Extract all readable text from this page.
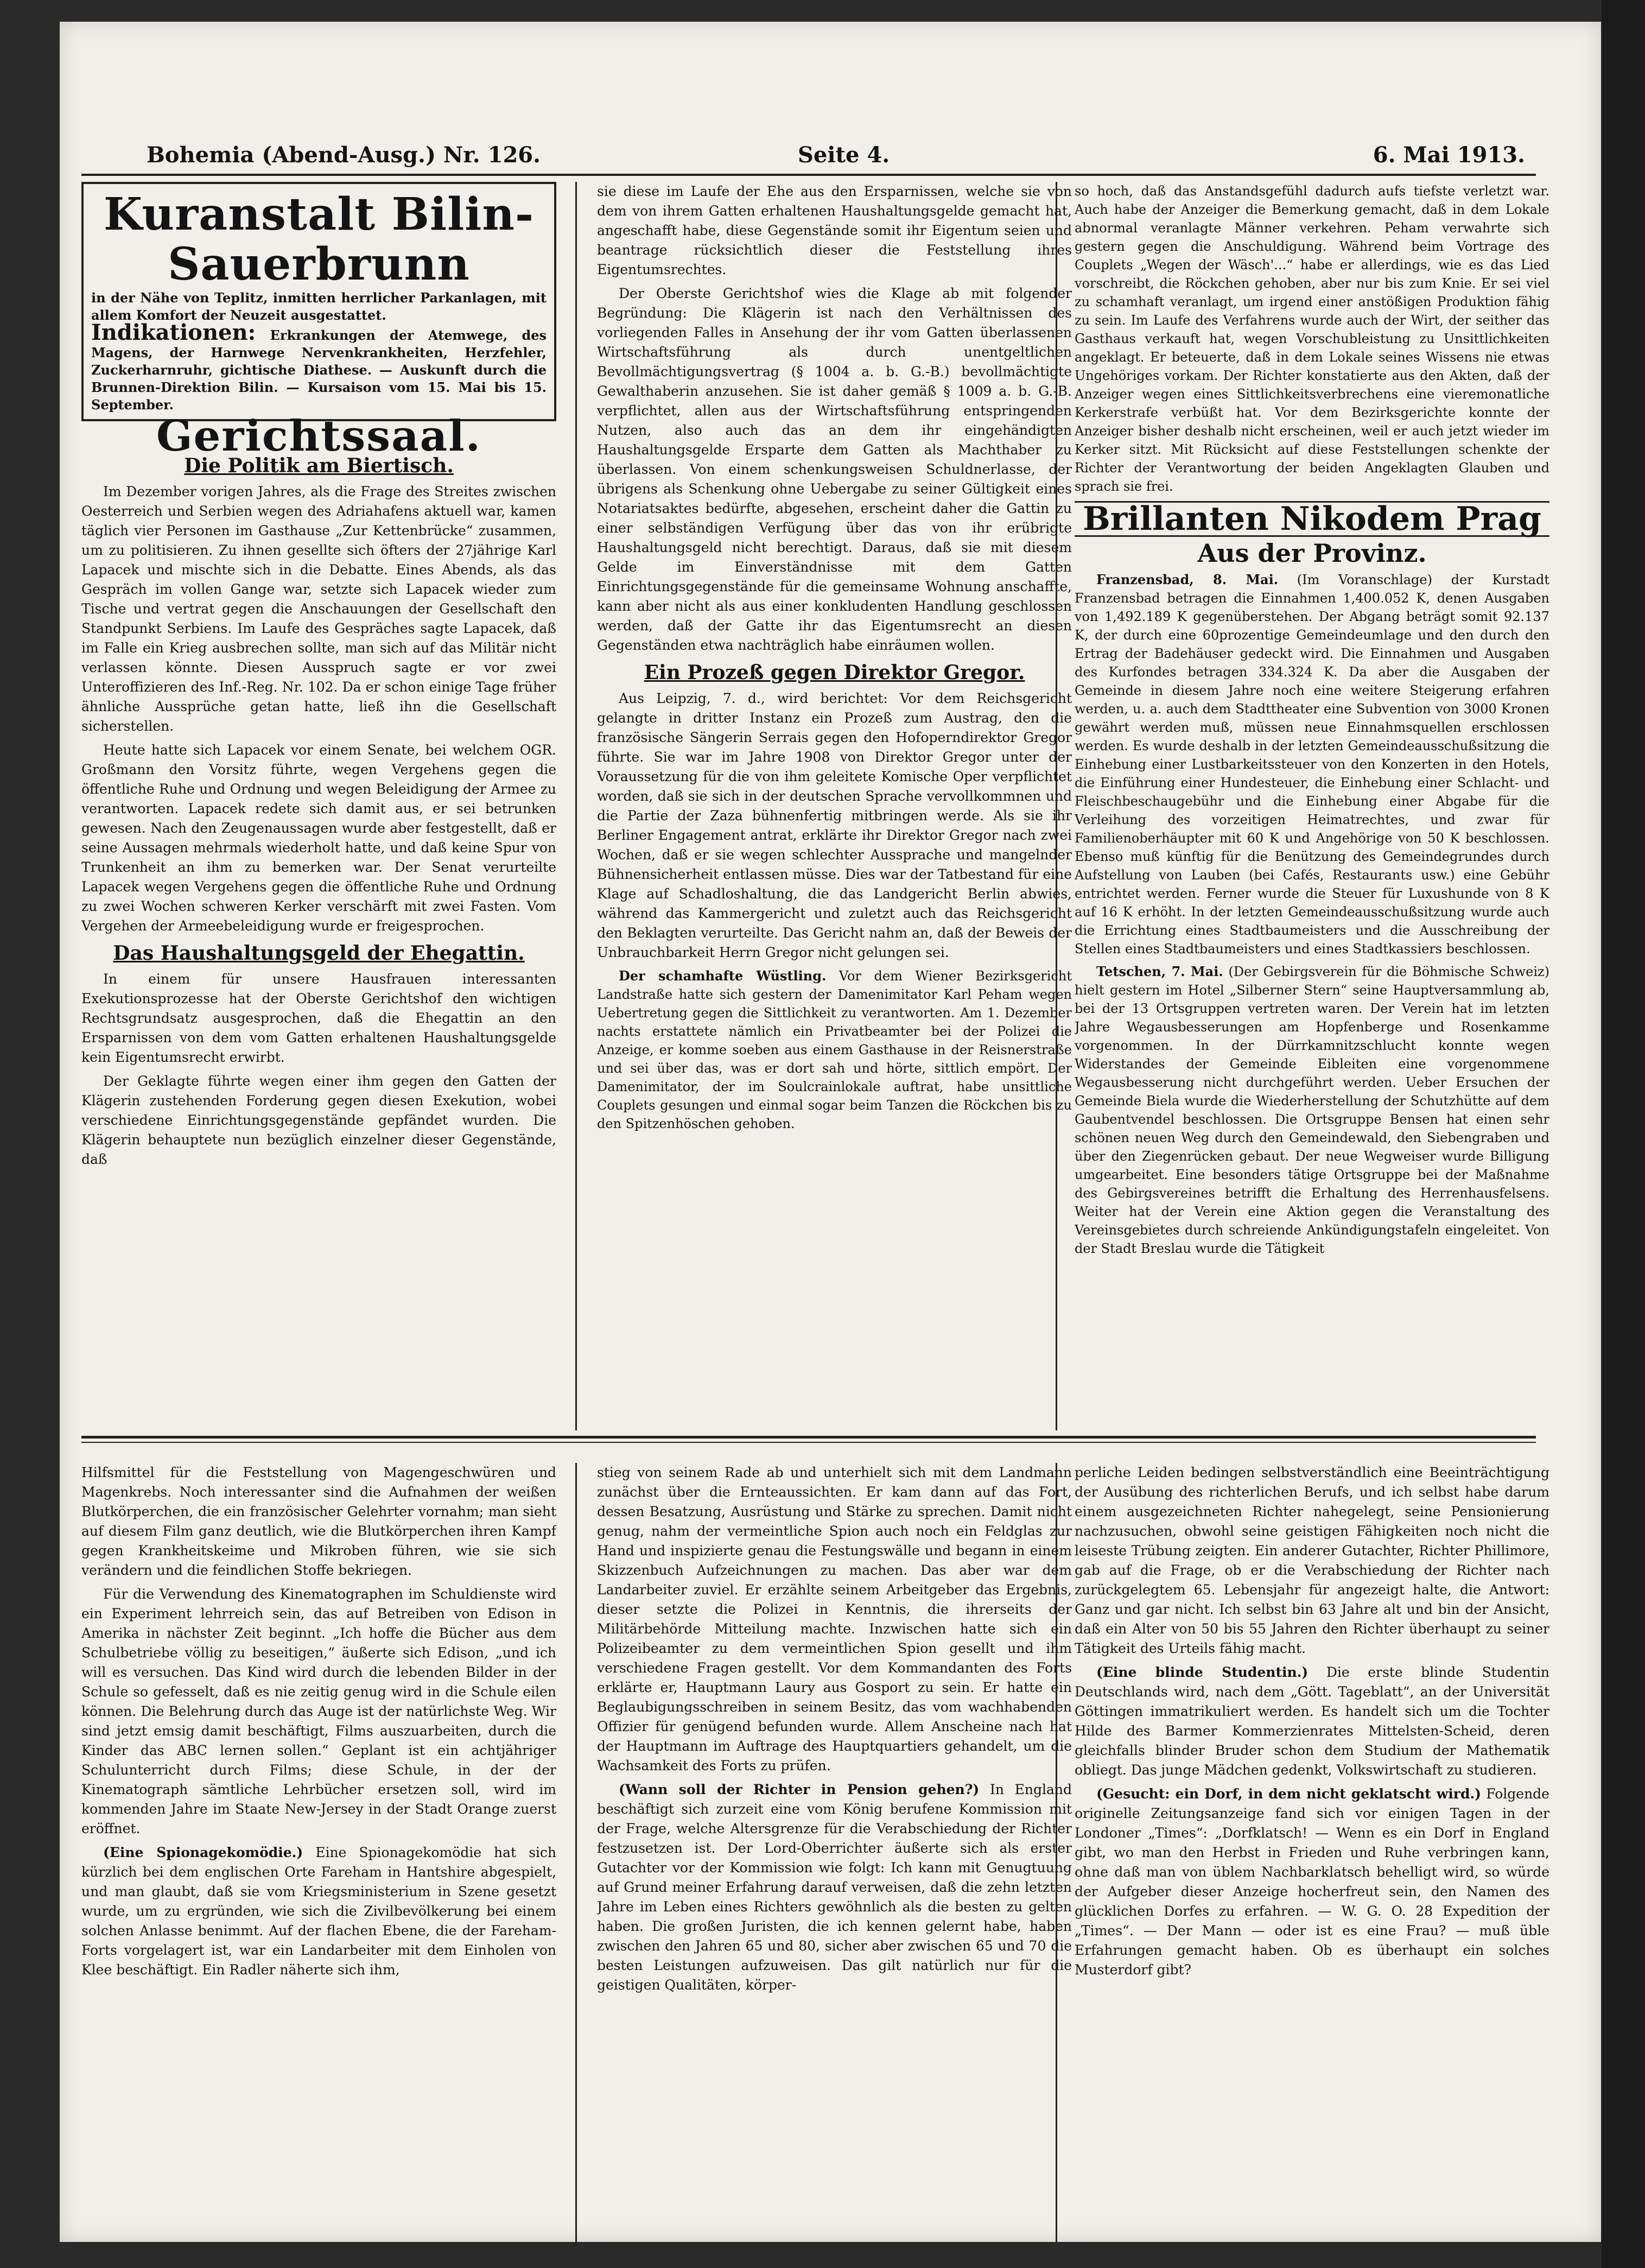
Bohemia (Abend-Ausg.) Nr. 126.	Seite 4.	6. Mai 1913.
Kuranstalt Bilin-Sauerbrunn
in der Nähe von Teplitz, inmitten herrlicher Parkanlagen, mit allem Komfort der Neuzeit ausgestattet.
Indikationen: Erkrankungen der Atemwege, des Magens, der Harnwege Nervenkrankheiten, Herzfehler, Zuckerharnruhr, gichtische Diathese. — Auskunft durch die Brunnen-Direktion Bilin. — Kursaison vom 15. Mai bis 15. September.
Gerichtssaal.
Die Politik am Biertisch.

Im Dezember vorigen Jahres, als die Frage des Streites zwischen Oesterreich und Serbien wegen des Adriahafens aktuell war, kamen täglich vier Personen im Gasthause „Zur Kettenbrücke“ zusammen, um zu politisieren. Zu ihnen gesellte sich öfters der 27jährige Karl Lapacek und mischte sich in die Debatte. Eines Abends, als das Gespräch im vollen Gange war, setzte sich Lapacek wieder zum Tische und vertrat gegen die Anschauungen der Gesellschaft den Standpunkt Serbiens. Im Laufe des Gespräches sagte Lapacek, daß im Falle ein Krieg ausbrechen sollte, man sich auf das Militär nicht verlassen könnte. Diesen Ausspruch sagte er vor zwei Unteroffizieren des Inf.-Reg. Nr. 102. Da er schon einige Tage früher ähnliche Aussprüche getan hatte, ließ ihn die Gesellschaft sicherstellen.

Heute hatte sich Lapacek vor einem Senate, bei welchem OGR. Großmann den Vorsitz führte, wegen Vergehens gegen die öffentliche Ruhe und Ordnung und wegen Beleidigung der Armee zu verantworten. Lapacek redete sich damit aus, er sei betrunken gewesen. Nach den Zeugenaussagen wurde aber festgestellt, daß er seine Aussagen mehrmals wiederholt hatte, und daß keine Spur von Trunkenheit an ihm zu bemerken war. Der Senat verurteilte Lapacek wegen Vergehens gegen die öffentliche Ruhe und Ordnung zu zwei Wochen schweren Kerker verschärft mit zwei Fasten. Vom Vergehen der Armeebeleidigung wurde er freigesprochen.

Das Haushaltungsgeld der Ehegattin.

In einem für unsere Hausfrauen interessanten Exekutionsprozesse hat der Oberste Gerichtshof den wichtigen Rechtsgrundsatz ausgesprochen, daß die Ehegattin an den Ersparnissen von dem vom Gatten erhaltenen Haushaltungsgelde kein Eigentumsrecht erwirbt.

Der Geklagte führte wegen einer ihm gegen den Gatten der Klägerin zustehenden Forderung gegen diesen Exekution, wobei verschiedene Einrichtungsgegenstände gepfändet wurden. Die Klägerin behauptete nun bezüglich einzelner dieser Gegenstände, daß

sie diese im Laufe der Ehe aus den Ersparnissen, welche sie von dem von ihrem Gatten erhaltenen Haushaltungsgelde gemacht hat, angeschafft habe, diese Gegenstände somit ihr Eigentum seien und beantrage rücksichtlich dieser die Feststellung ihres Eigentumsrechtes.

Der Oberste Gerichtshof wies die Klage ab mit folgender Begründung: Die Klägerin ist nach den Verhältnissen des vorliegenden Falles in Ansehung der ihr vom Gatten überlassenen Wirtschaftsführung als durch unentgeltlichen Bevollmächtigungsvertrag (§ 1004 a. b. G.-B.) bevollmächtigte Gewalthaberin anzusehen. Sie ist daher gemäß § 1009 a. b. G.-B. verpflichtet, allen aus der Wirtschaftsführung entspringenden Nutzen, also auch das an dem ihr eingehändigten Haushaltungsgelde Ersparte dem Gatten als Machthaber zu überlassen. Von einem schenkungsweisen Schuldnerlasse, der übrigens als Schenkung ohne Uebergabe zu seiner Gültigkeit eines Notariatsaktes bedürfte, abgesehen, erscheint daher die Gattin zu einer selbständigen Verfügung über das von ihr erübrigte Haushaltungsgeld nicht berechtigt. Daraus, daß sie mit diesem Gelde im Einverständnisse mit dem Gatten Einrichtungsgegenstände für die gemeinsame Wohnung anschaffte, kann aber nicht als aus einer konkludenten Handlung geschlossen werden, daß der Gatte ihr das Eigentumsrecht an diesen Gegenständen etwa nachträglich habe einräumen wollen.

Ein Prozeß gegen Direktor Gregor.

Aus Leipzig, 7. d., wird berichtet: Vor dem Reichsgericht gelangte in dritter Instanz ein Prozeß zum Austrag, den die französische Sängerin Serrais gegen den Hofoperndirektor Gregor führte. Sie war im Jahre 1908 von Direktor Gregor unter der Voraussetzung für die von ihm geleitete Komische Oper verpflichtet worden, daß sie sich in der deutschen Sprache vervollkommnen und die Partie der Zaza bühnenfertig mitbringen werde. Als sie ihr Berliner Engagement antrat, erklärte ihr Direktor Gregor nach zwei Wochen, daß er sie wegen schlechter Aussprache und mangelnder Bühnensicherheit entlassen müsse. Dies war der Tatbestand für eine Klage auf Schadloshaltung, die das Landgericht Berlin abwies, während das Kammergericht und zuletzt auch das Reichsgericht den Beklagten verurteilte. Das Gericht nahm an, daß der Beweis der Unbrauchbarkeit Herrn Gregor nicht gelungen sei.

Der schamhafte Wüstling. Vor dem Wiener Bezirksgericht Landstraße hatte sich gestern der Damenimitator Karl Peham wegen Uebertretung gegen die Sittlichkeit zu verantworten. Am 1. Dezember nachts erstattete nämlich ein Privatbeamter bei der Polizei die Anzeige, er komme soeben aus einem Gasthause in der Reisnerstraße und sei über das, was er dort sah und hörte, sittlich empört. Der Damenimitator, der im Soulcrainlokale auftrat, habe unsittliche Couplets gesungen und einmal sogar beim Tanzen die Röckchen bis zu den Spitzenhöschen gehoben.

so hoch, daß das Anstandsgefühl dadurch aufs tiefste verletzt war. Auch habe der Anzeiger die Bemerkung gemacht, daß in dem Lokale abnormal veranlagte Männer verkehren. Peham verwahrte sich gestern gegen die Anschuldigung. Während beim Vortrage des Couplets „Wegen der Wäsch'...“ habe er allerdings, wie es das Lied vorschreibt, die Röckchen gehoben, aber nur bis zum Knie. Er sei viel zu schamhaft veranlagt, um irgend einer anstößigen Produktion fähig zu sein. Im Laufe des Verfahrens wurde auch der Wirt, der seither das Gasthaus verkauft hat, wegen Vorschubleistung zu Unsittlichkeiten angeklagt. Er beteuerte, daß in dem Lokale seines Wissens nie etwas Ungehöriges vorkam. Der Richter konstatierte aus den Akten, daß der Anzeiger wegen eines Sittlichkeitsverbrechens eine vieremonatliche Kerkerstrafe verbüßt hat. Vor dem Bezirksgerichte konnte der Anzeiger bisher deshalb nicht erscheinen, weil er auch jetzt wieder im Kerker sitzt. Mit Rücksicht auf diese Feststellungen schenkte der Richter der Verantwortung der beiden Angeklagten Glauben und sprach sie frei.

Brillanten Nikodem Prag
Aus der Provinz.

Franzensbad, 8. Mai. (Im Voranschlage) der Kurstadt Franzensbad betragen die Einnahmen 1,400.052 K, denen Ausgaben von 1,492.189 K gegenüberstehen. Der Abgang beträgt somit 92.137 K, der durch eine 60prozentige Gemeindeumlage und den durch den Ertrag der Badehäuser gedeckt wird. Die Einnahmen und Ausgaben des Kurfondes betragen 334.324 K. Da aber die Ausgaben der Gemeinde in diesem Jahre noch eine weitere Steigerung erfahren werden, u. a. auch dem Stadttheater eine Subvention von 3000 Kronen gewährt werden muß, müssen neue Einnahmsquellen erschlossen werden. Es wurde deshalb in der letzten Gemeindeausschußsitzung die Einhebung einer Lustbarkeitssteuer von den Konzerten in den Hotels, die Einführung einer Hundesteuer, die Einhebung einer Schlacht- und Fleischbeschaugebühr und die Einhebung einer Abgabe für die Verleihung des vorzeitigen Heimatrechtes, und zwar für Familienoberhäupter mit 60 K und Angehörige von 50 K beschlossen. Ebenso muß künftig für die Benützung des Gemeindegrundes durch Aufstellung von Lauben (bei Cafés, Restaurants usw.) eine Gebühr entrichtet werden. Ferner wurde die Steuer für Luxushunde von 8 K auf 16 K erhöht. In der letzten Gemeindeausschußsitzung wurde auch die Errichtung eines Stadtbaumeisters und die Ausschreibung der Stellen eines Stadtbaumeisters und eines Stadtkassiers beschlossen.

Tetschen, 7. Mai. (Der Gebirgsverein für die Böhmische Schweiz) hielt gestern im Hotel „Silberner Stern“ seine Hauptversammlung ab, bei der 13 Ortsgruppen vertreten waren. Der Verein hat im letzten Jahre Wegausbesserungen am Hopfenberge und Rosenkamme vorgenommen. In der Dürrkamnitzschlucht konnte wegen Widerstandes der Gemeinde Eibleiten eine vorgenommene Wegausbesserung nicht durchgeführt werden. Ueber Ersuchen der Gemeinde Biela wurde die Wiederherstellung der Schutzhütte auf dem Gaubentvendel beschlossen. Die Ortsgruppe Bensen hat einen sehr schönen neuen Weg durch den Gemeindewald, den Siebengraben und über den Ziegenrücken gebaut. Der neue Wegweiser wurde Billigung umgearbeitet. Eine besonders tätige Ortsgruppe bei der Maßnahme des Gebirgsvereines betrifft die Erhaltung des Herrenhausfelsens. Weiter hat der Verein eine Aktion gegen die Veranstaltung des Vereinsgebietes durch schreiende Ankündigungstafeln eingeleitet. Von der Stadt Breslau wurde die Tätigkeit

Hilfsmittel für die Feststellung von Magengeschwüren und Magenkrebs. Noch interessanter sind die Aufnahmen der weißen Blutkörperchen, die ein französischer Gelehrter vornahm; man sieht auf diesem Film ganz deutlich, wie die Blutkörperchen ihren Kampf gegen Krankheitskeime und Mikroben führen, wie sie sich verändern und die feindlichen Stoffe bekriegen.

Für die Verwendung des Kinematographen im Schuldienste wird ein Experiment lehrreich sein, das auf Betreiben von Edison in Amerika in nächster Zeit beginnt. „Ich hoffe die Bücher aus dem Schulbetriebe völlig zu beseitigen,“ äußerte sich Edison, „und ich will es versuchen. Das Kind wird durch die lebenden Bilder in der Schule so gefesselt, daß es nie zeitig genug wird in die Schule eilen können. Die Belehrung durch das Auge ist der natürlichste Weg. Wir sind jetzt emsig damit beschäftigt, Films auszuarbeiten, durch die Kinder das ABC lernen sollen.“ Geplant ist ein achtjähriger Schulunterricht durch Films; diese Schule, in der der Kinematograph sämtliche Lehrbücher ersetzen soll, wird im kommenden Jahre im Staate New-Jersey in der Stadt Orange zuerst eröffnet.

(Eine Spionagekomödie.) Eine Spionagekomödie hat sich kürzlich bei dem englischen Orte Fareham in Hantshire abgespielt, und man glaubt, daß sie vom Kriegsministerium in Szene gesetzt wurde, um zu ergründen, wie sich die Zivilbevölkerung bei einem solchen Anlasse benimmt. Auf der flachen Ebene, die der Fareham-Forts vorgelagert ist, war ein Landarbeiter mit dem Einholen von Klee beschäftigt. Ein Radler näherte sich ihm,

stieg von seinem Rade ab und unterhielt sich mit dem Landmann zunächst über die Ernteaussichten. Er kam dann auf das Fort, dessen Besatzung, Ausrüstung und Stärke zu sprechen. Damit nicht genug, nahm der vermeintliche Spion auch noch ein Feldglas zur Hand und inspizierte genau die Festungswälle und begann in einem Skizzenbuch Aufzeichnungen zu machen. Das aber war dem Landarbeiter zuviel. Er erzählte seinem Arbeitgeber das Ergebnis, dieser setzte die Polizei in Kenntnis, die ihrerseits der Militärbehörde Mitteilung machte. Inzwischen hatte sich ein Polizeibeamter zu dem vermeintlichen Spion gesellt und ihm verschiedene Fragen gestellt. Vor dem Kommandanten des Forts erklärte er, Hauptmann Laury aus Gosport zu sein. Er hatte ein Beglaubigungsschreiben in seinem Besitz, das vom wachhabenden Offizier für genügend befunden wurde. Allem Anscheine nach hat der Hauptmann im Auftrage des Hauptquartiers gehandelt, um die Wachsamkeit des Forts zu prüfen.

(Wann soll der Richter in Pension gehen?) In England beschäftigt sich zurzeit eine vom König berufene Kommission mit der Frage, welche Altersgrenze für die Verabschiedung der Richter festzusetzen ist. Der Lord-Oberrichter äußerte sich als erster Gutachter vor der Kommission wie folgt: Ich kann mit Genugtuung auf Grund meiner Erfahrung darauf verweisen, daß die zehn letzten Jahre im Leben eines Richters gewöhnlich als die besten zu gelten haben. Die großen Juristen, die ich kennen gelernt habe, haben zwischen den Jahren 65 und 80, sicher aber zwischen 65 und 70 die besten Leistungen aufzuweisen. Das gilt natürlich nur für die geistigen Qualitäten, körper-

perliche Leiden bedingen selbstverständlich eine Beeinträchtigung der Ausübung des richterlichen Berufs, und ich selbst habe darum einem ausgezeichneten Richter nahegelegt, seine Pensionierung nachzusuchen, obwohl seine geistigen Fähigkeiten noch nicht die leiseste Trübung zeigten. Ein anderer Gutachter, Richter Phillimore, gab auf die Frage, ob er die Verabschiedung der Richter nach zurückgelegtem 65. Lebensjahr für angezeigt halte, die Antwort: Ganz und gar nicht. Ich selbst bin 63 Jahre alt und bin der Ansicht, daß ein Alter von 50 bis 55 Jahren den Richter überhaupt zu seiner Tätigkeit des Urteils fähig macht.

(Eine blinde Studentin.) Die erste blinde Studentin Deutschlands wird, nach dem „Gött. Tageblatt“, an der Universität Göttingen immatrikuliert werden. Es handelt sich um die Tochter Hilde des Barmer Kommerzienrates Mittelsten-Scheid, deren gleichfalls blinder Bruder schon dem Studium der Mathematik obliegt. Das junge Mädchen gedenkt, Volkswirtschaft zu studieren.

(Gesucht: ein Dorf, in dem nicht geklatscht wird.) Folgende originelle Zeitungsanzeige fand sich vor einigen Tagen in der Londoner „Times“: „Dorfklatsch! — Wenn es ein Dorf in England gibt, wo man den Herbst in Frieden und Ruhe verbringen kann, ohne daß man von üblem Nachbarklatsch behelligt wird, so würde der Aufgeber dieser Anzeige hocherfreut sein, den Namen des glücklichen Dorfes zu erfahren. — W. G. O. 28 Expedition der „Times“. — Der Mann — oder ist es eine Frau? — muß üble Erfahrungen gemacht haben. Ob es überhaupt ein solches Musterdorf gibt?
